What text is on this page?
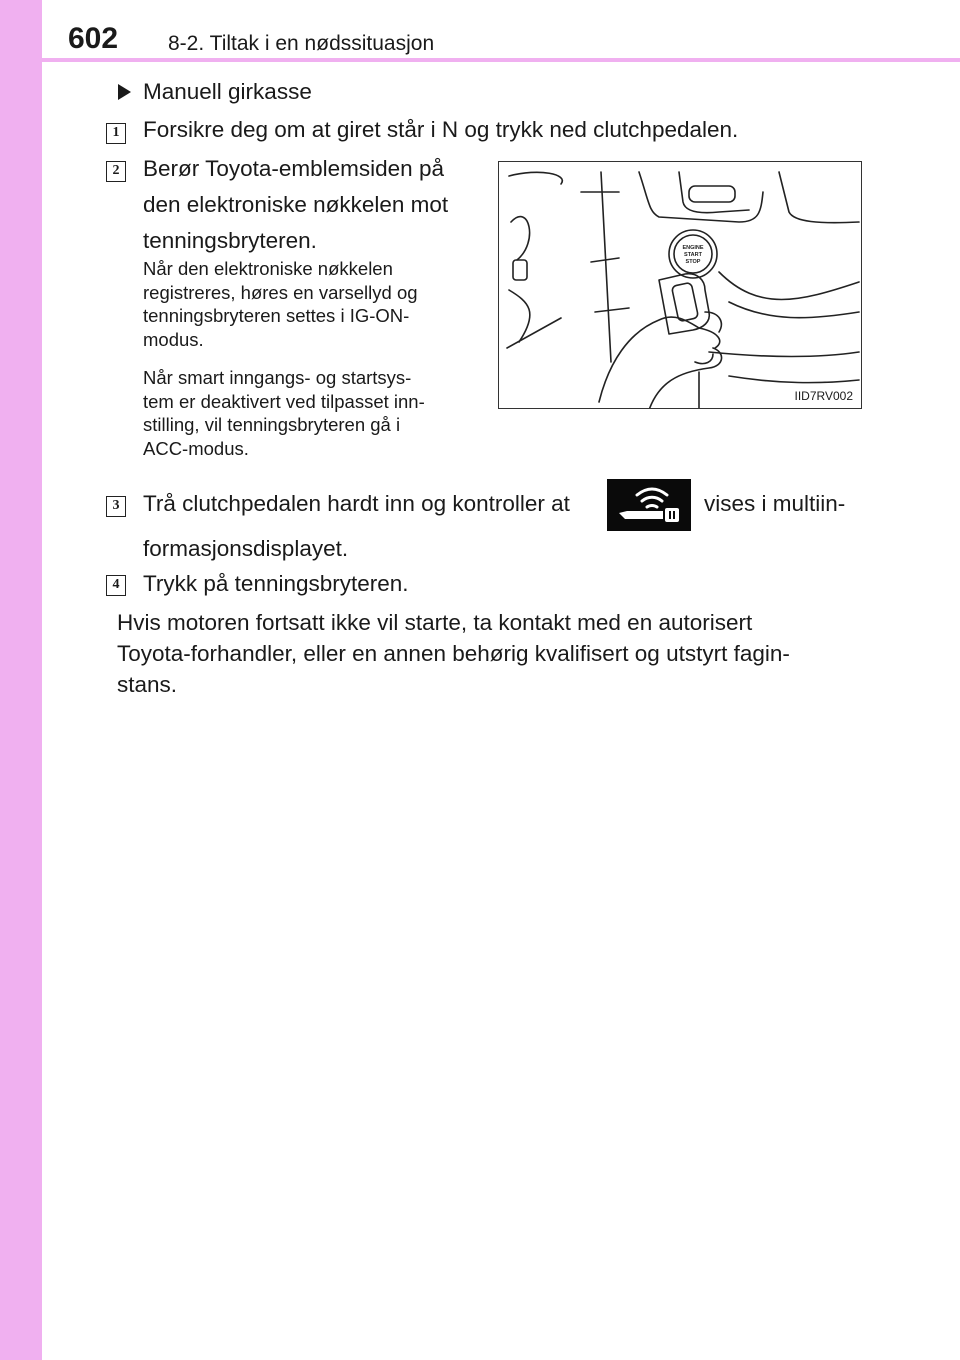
602 8-2. Tiltak i en nødssituasjon
Manuell girkasse
1 Forsikre deg om at giret står i N og trykk ned clutchpedalen.
2 Berør Toyota-emblemsiden på
den elektroniske nøkkelen mot
tenningsbryteren.
Når den elektroniske nøkkelen
registreres, høres en varsellyd og
tenningsbryteren settes i IG-ON-
modus.
Når smart inngangs- og startsys-
tem er deaktivert ved tilpasset inn-
stilling, vil tenningsbryteren gå i
ACC-modus.
ENGINE
START
STOP
IID7RV002
3 Trå clutchpedalen hardt inn og kontroller at	vises i multiin-
formasjonsdisplayet.
4 Trykk på tenningsbryteren.
Hvis motoren fortsatt ikke vil starte, ta kontakt med en autorisert
Toyota-forhandler, eller en annen behørig kvalifisert og utstyrt fagin-
stans.
